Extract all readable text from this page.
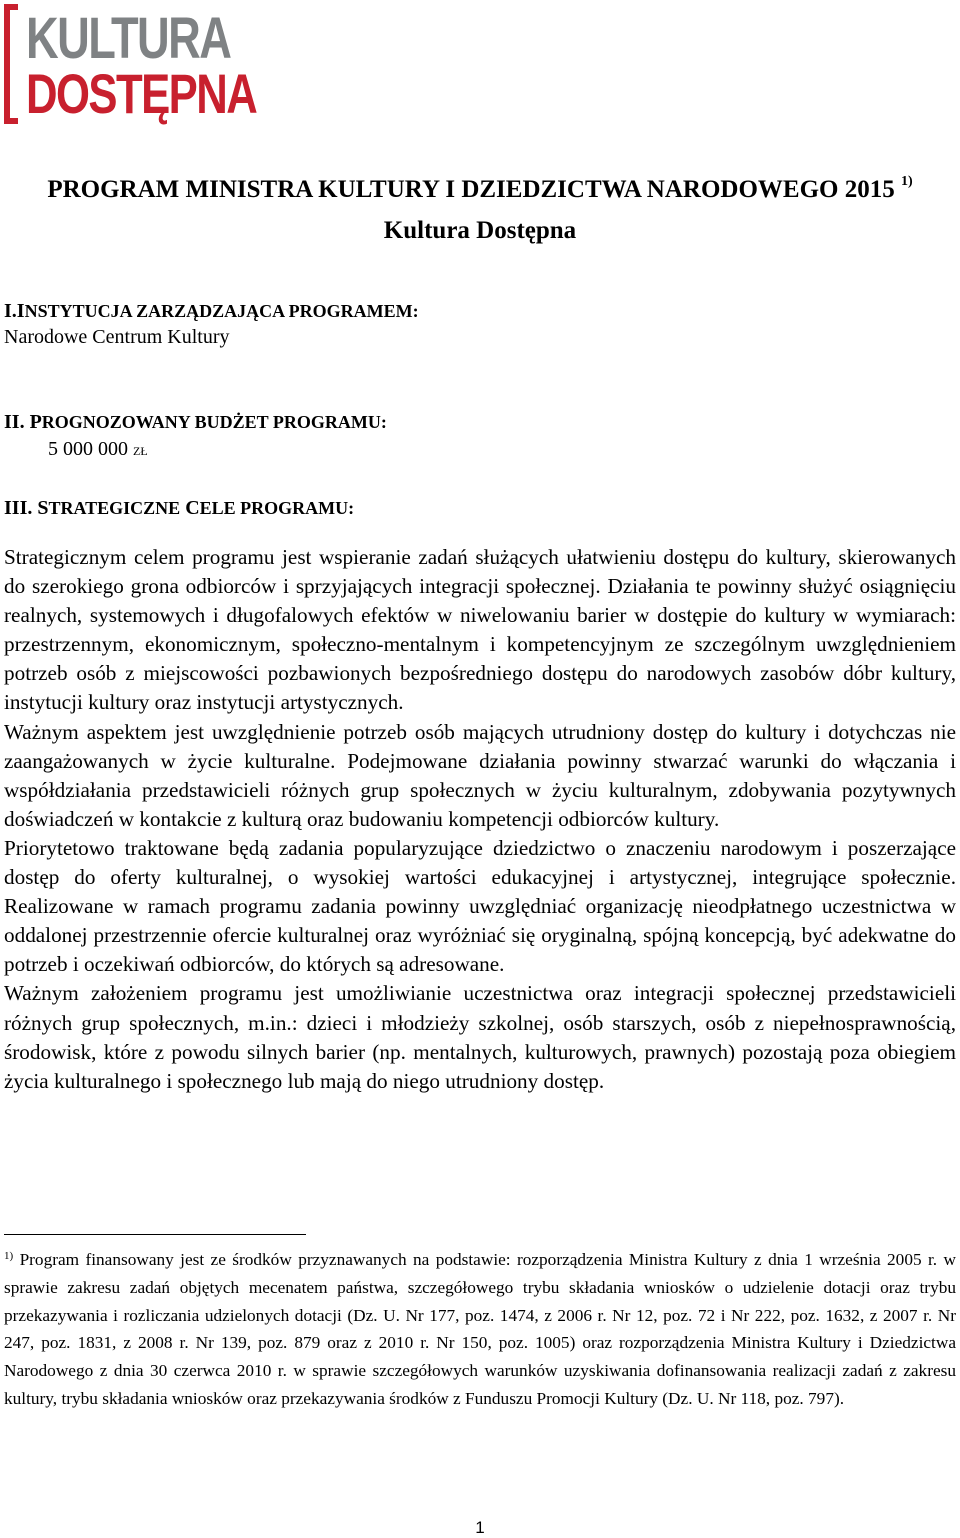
KULTURA
DOSTĘPNA
PROGRAM MINISTRA KULTURY I DZIEDZICTWA NARODOWEGO 2015 $^{1)}$
Kultura Dostępna
I.INSTYTUCJA ZARZĄDZAJĄCA PROGRAMEM:
Narodowe Centrum Kultury
II. PROGNOZOWANY BUDŻET PROGRAMU:
5 000 000 zł
III. STRATEGICZNE CELE PROGRAMU:

Strategicznym celem programu jest wspieranie zadań służących ułatwieniu dostępu do kultury, skierowanych do szerokiego grona odbiorców i sprzyjających integracji społecznej. Działania te powinny służyć osiągnięciu realnych, systemowych i długofalowych efektów w niwelowaniu barier w dostępie do kultury w wymiarach: przestrzennym, ekonomicznym, społeczno-mentalnym i kompetencyjnym ze szczególnym uwzględnieniem potrzeb osób z miejscowości pozbawionych bezpośredniego dostępu do narodowych zasobów dóbr kultury, instytucji kultury oraz instytucji artystycznych.

Ważnym aspektem jest uwzględnienie potrzeb osób mających utrudniony dostęp do kultury i dotychczas nie zaangażowanych w życie kulturalne. Podejmowane działania powinny stwarzać warunki do włączania i współdziałania przedstawicieli różnych grup społecznych w życiu kulturalnym, zdobywania pozytywnych doświadczeń w kontakcie z kulturą oraz budowaniu kompetencji odbiorców kultury.

Priorytetowo traktowane będą zadania popularyzujące dziedzictwo o znaczeniu narodowym i poszerzające dostęp do oferty kulturalnej, o wysokiej wartości edukacyjnej i artystycznej, integrujące społecznie. Realizowane w ramach programu zadania powinny uwzględniać organizację nieodpłatnego uczestnictwa w oddalonej przestrzennie ofercie kulturalnej oraz wyróżniać się oryginalną, spójną koncepcją, być adekwatne do potrzeb i oczekiwań odbiorców, do których są adresowane.

Ważnym założeniem programu jest umożliwianie uczestnictwa oraz integracji społecznej przedstawicieli różnych grup społecznych, m.in.: dzieci i młodzieży szkolnej, osób starszych, osób z niepełnosprawnością, środowisk, które z powodu silnych barier (np. mentalnych, kulturowych, prawnych) pozostają poza obiegiem życia kulturalnego i społecznego lub mają do niego utrudniony dostęp.

$^{1)}$ Program finansowany jest ze środków przyznawanych na podstawie: rozporządzenia Ministra Kultury z dnia 1 września 2005 r. w sprawie zakresu zadań objętych mecenatem państwa, szczegółowego trybu składania wniosków o udzielenie dotacji oraz trybu przekazywania i rozliczania udzielonych dotacji (Dz. U. Nr 177, poz. 1474, z 2006 r. Nr 12, poz. 72 i Nr 222, poz. 1632, z 2007 r. Nr 247, poz. 1831, z 2008 r. Nr 139, poz. 879 oraz z 2010 r. Nr 150, poz. 1005) oraz rozporządzenia Ministra Kultury i Dziedzictwa Narodowego z dnia 30 czerwca 2010 r. w sprawie szczegółowych warunków uzyskiwania dofinansowania realizacji zadań z zakresu kultury, trybu składania wniosków oraz przekazywania środków z Funduszu Promocji Kultury (Dz. U. Nr 118, poz. 797).
1
